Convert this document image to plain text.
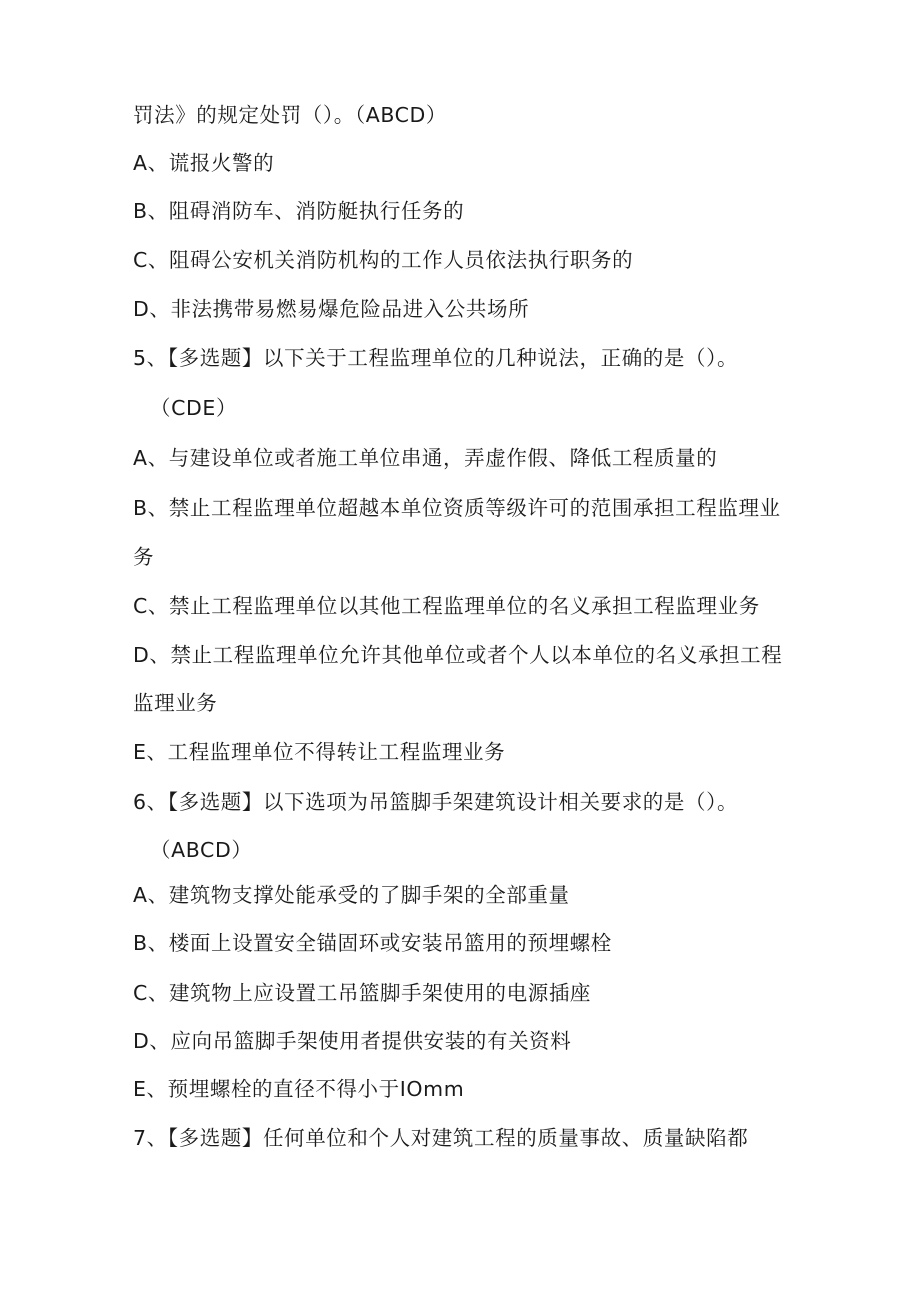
罚法》的规定处罚（）。（ABCD）
A、谎报火警的
B、阻碍消防车、消防艇执行任务的
C、阻碍公安机关消防机构的工作人员依法执行职务的
D、非法携带易燃易爆危险品进入公共场所
5、【多选题】以下关于工程监理单位的几种说法，正确的是（）。
（CDE）
A、与建设单位或者施工单位串通，弄虚作假、降低工程质量的
B、禁止工程监理单位超越本单位资质等级许可的范围承担工程监理业
务
C、禁止工程监理单位以其他工程监理单位的名义承担工程监理业务
D、禁止工程监理单位允许其他单位或者个人以本单位的名义承担工程
监理业务
E、工程监理单位不得转让工程监理业务
6、【多选题】以下选项为吊篮脚手架建筑设计相关要求的是（）。
（ABCD）
A、建筑物支撑处能承受的了脚手架的全部重量
B、楼面上设置安全锚固环或安装吊篮用的预埋螺栓
C、建筑物上应设置工吊篮脚手架使用的电源插座
D、应向吊篮脚手架使用者提供安装的有关资料
E、预埋螺栓的直径不得小于IOmm
7、【多选题】任何单位和个人对建筑工程的质量事故、质量缺陷都
